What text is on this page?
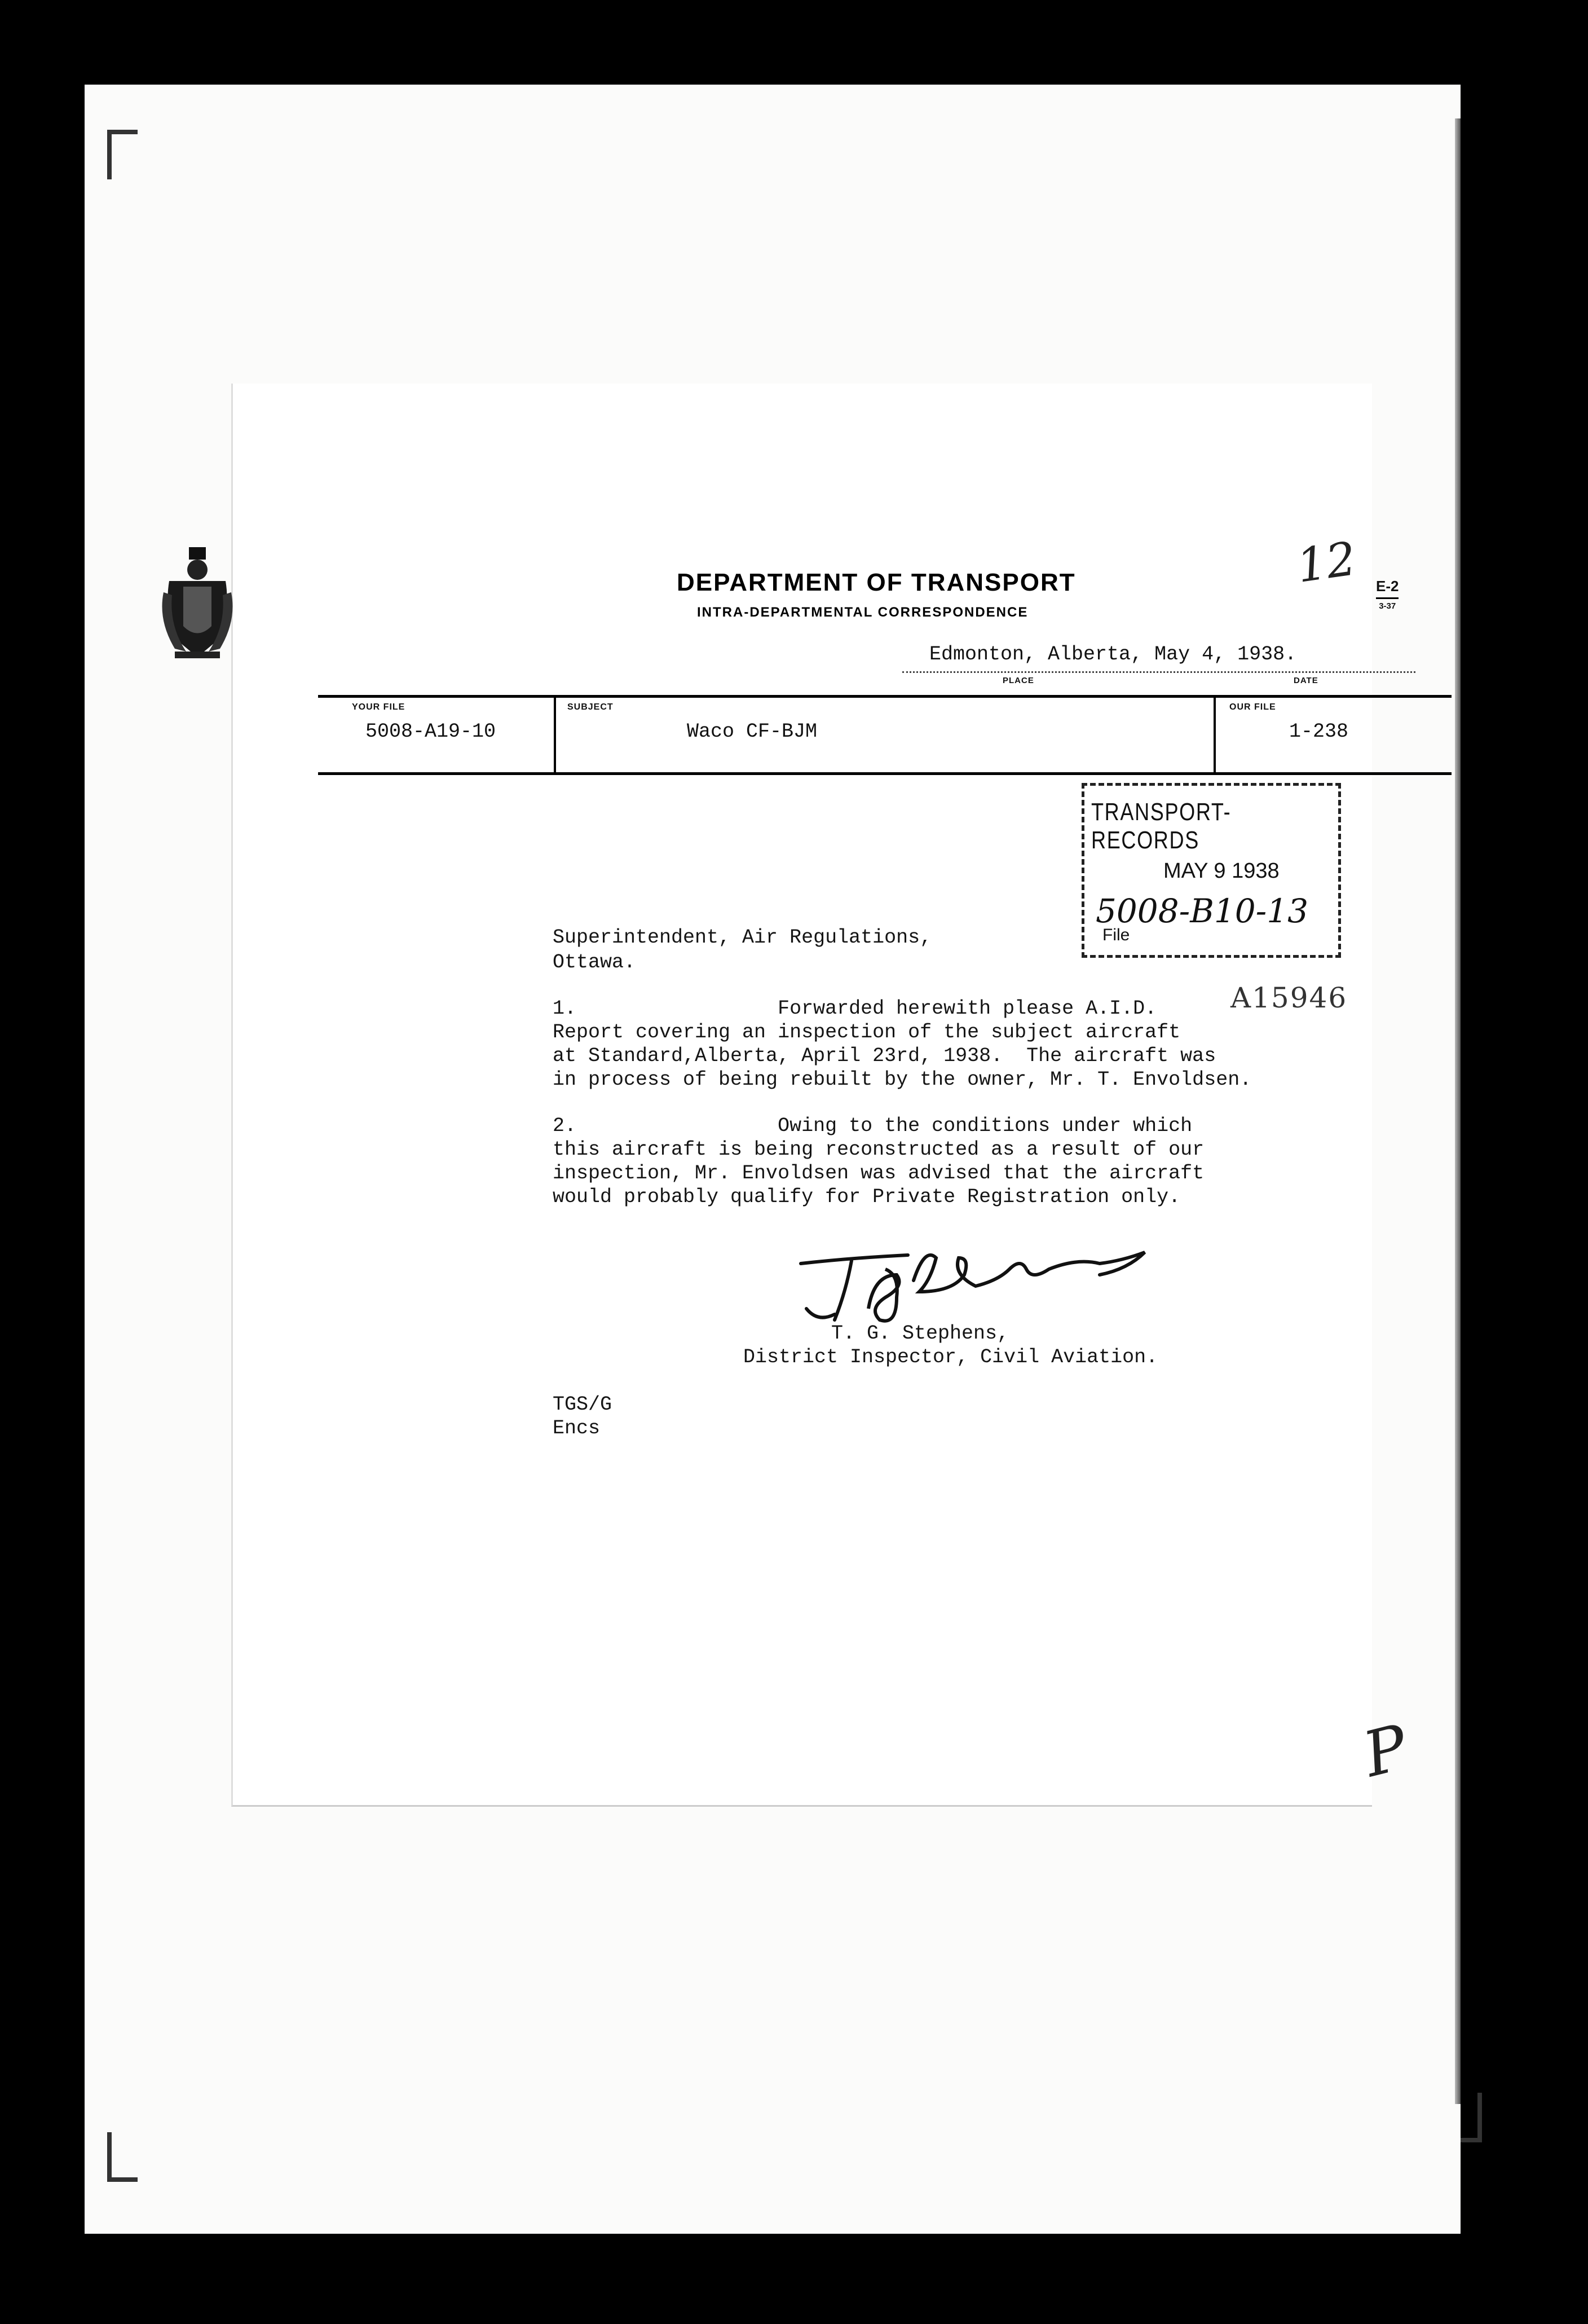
DEPARTMENT OF TRANSPORT
INTRA-DEPARTMENTAL CORRESPONDENCE
E-2
3-37
12
Edmonton, Alberta, May 4, 1938.
PLACE	DATE
YOUR FILE
5008-A19-10
SUBJECT
Waco CF-BJM
OUR FILE
1-238
TRANSPORT-RECORDS
MAY 9 1938
5008-B10-13
File
Superintendent, Air Regulations,
Ottawa.
A15946
1.                 Forwarded herewith please A.I.D.
Report covering an inspection of the subject aircraft
at Standard,Alberta, April 23rd, 1938.  The aircraft was
in process of being rebuilt by the owner, Mr. T. Envoldsen.
2.                 Owing to the conditions under which
this aircraft is being reconstructed as a result of our
inspection, Mr. Envoldsen was advised that the aircraft
would probably qualify for Private Registration only.
T. G. Stephens,
District Inspector, Civil Aviation.
TGS/G
Encs
P
